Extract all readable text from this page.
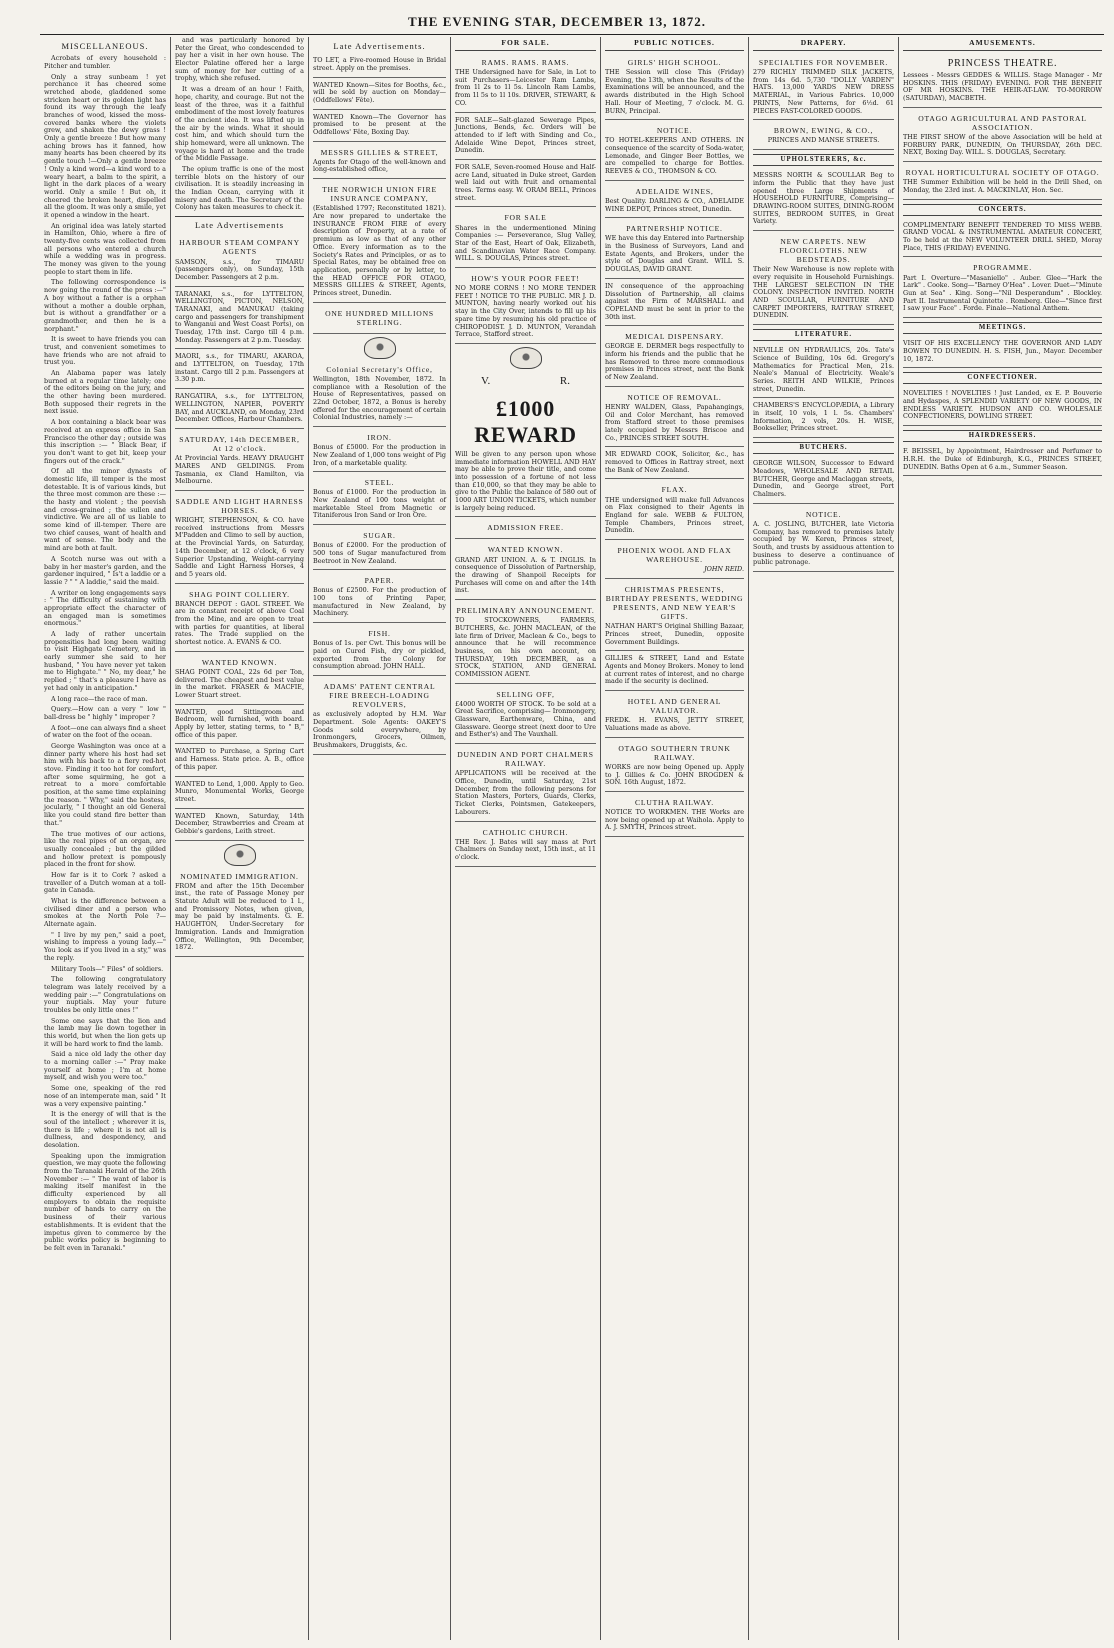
THE EVENING STAR, DECEMBER 13, 1872.
MISCELLANEOUS.

Acrobats of every household : Pitcher and tumbler.

Only a stray sunbeam ! yet perchance it has cheered some wretched abode, gladdened some stricken heart or its golden light has found its way through the leafy branches of wood, kissed the moss-covered banks where the violets grew, and shaken the dewy grass ! Only a gentle breeze ! But how many aching brows has it fanned, how many hearts has been cheered by its gentle touch !—Only a gentle breeze ! Only a kind word—a kind word to a weary heart, a balm to the spirit, a light in the dark places of a weary world. Only a smile ! But oh, it cheered the broken heart, dispelled all the gloom. It was only a smile, yet it opened a window in the heart.

An original idea was lately started in Hamilton, Ohio, where a fire of twenty-five cents was collected from all persons who entered a church while a wedding was in progress. The money was given to the young people to start them in life.

The following correspondence is now going the round of the press :—" A boy without a father is a orphan without a mother a double orphan, but is without a grandfather or a grandmother, and then he is a norphant."

It is sweet to have friends you can trust, and convenient sometimes to have friends who are not afraid to trust you.

An Alabama paper was lately burned at a regular time lately; one of the editors being on the jury, and the other having been murdered. Both supposed their regrets in the next issue.

A box containing a black bear was received at an express office in San Francisco the other day ; outside was this inscription :— " Black Bear, if you don't want to get bit, keep your fingers out of the crack."

Of all the minor dynasts of domestic life, ill temper is the most detestable. It is of various kinds, but the three most common are these :—the hasty and violent ; the peevish and cross-grained ; the sullen and vindictive. We are all of us liable to some kind of ill-temper. There are two chief causes, want of health and want of sense. The body and the mind are both at fault.

A Scotch nurse was out with a baby in her master's garden, and the gardener inquired, " Is't a laddie or a lassie ? " " A laddie," said the maid.

A writer on long engagements says : " The difficulty of sustaining with appropriate effect the character of an engaged man is sometimes enormous."

A lady of rather uncertain propensities had long been waiting to visit Highgate Cemetery, and in early summer she said to her husband, " You have never yet taken me to Highgate." " No, my dear," he replied ; " that's a pleasure I have as yet had only in anticipation."

A long race—the race of man.

Query.—How can a very " low " ball-dress be " highly " improper ?

A foot—one can always find a sheet of water on the foot of the ocean.

George Washington was once at a dinner party where his host had set him with his back to a fiery red-hot stove. Finding it too hot for comfort, after some squirming, he got a retreat to a more comfortable position, at the same time explaining the reason. " Why," said the hostess, jocularly, " I thought an old General like you could stand fire better than that."

The true motives of our actions, like the real pipes of an organ, are usually concealed ; but the gilded and hollow pretext is pompously placed in the front for show.

How far is it to Cork ? asked a traveller of a Dutch woman at a toll-gate in Canada.

What is the difference between a civilised diner and a person who smokes at the North Pole ?—Alternate again.

" I live by my pen," said a poet, wishing to impress a young lady.—" You look as if you lived in a sty," was the reply.

Military Tools—" Files" of soldiers.

The following congratulatory telegram was lately received by a wedding pair :—" Congratulations on your nuptials. May your future troubles be only little ones !"

Some one says that the lion and the lamb may lie down together in this world, but when the lion gets up it will be hard work to find the lamb.

Said a nice old lady the other day to a morning caller :—" Pray make yourself at home ; I'm at home myself, and wish you were too."

Some one, speaking of the red nose of an intemperate man, said " It was a very expensive painting."

It is the energy of will that is the soul of the intellect ; wherever it is, there is life ; where it is not all is dullness, and despondency, and desolation.

Speaking upon the immigration question, we may quote the following from the Taranaki Herald of the 26th November :— " The want of labor is making itself manifest in the difficulty experienced by all employers to obtain the requisite number of hands to carry on the business of their various establishments. It is evident that the impetus given to commerce by the public works policy is beginning to be felt even in Taranaki."

and was particularly honored by Peter the Great, who condescended to pay her a visit in her own house. The Elector Palatine offered her a large sum of money for her cutting of a trophy, which she refused.

It was a dream of an hour ! Faith, hope, charity, and courage. But not the least of the three, was it a faithful embodiment of the most lovely features of the ancient idea. It was lifted up in the air by the winds. What it should cost him, and which should turn the ship homeward, were all unknown. The voyage is hard at home and the trade of the Middle Passage.

The opium traffic is one of the most terrible blots on the history of our civilisation. It is steadily increasing in the Indian Ocean, carrying with it misery and death. The Secretary of the Colony has taken measures to check it.

Late Advertisements
HARBOUR STEAM COMPANY AGENTS
SAMSON, s.s., for TIMARU (passengers only), on Sunday, 15th December. Passengers at 2 p.m.
TARANAKI, s.s., for LYTTELTON, WELLINGTON, PICTON, NELSON, TARANAKI, and MANUKAU (taking cargo and passengers for transhipment to Wanganui and West Coast Ports), on Tuesday, 17th inst. Cargo till 4 p.m. Monday. Passengers at 2 p.m. Tuesday.
MAORI, s.s., for TIMARU, AKAROA, and LYTTELTON, on Tuesday, 17th instant. Cargo till 2 p.m. Passengers at 3.30 p.m.
RANGATIRA, s.s., for LYTTELTON, WELLINGTON, NAPIER, POVERTY BAY, and AUCKLAND, on Monday, 23rd December. Offices, Harbour Chambers.
SATURDAY, 14th DECEMBER, At 12 o'clock.
At Provincial Yards. HEAVY DRAUGHT MARES AND GELDINGS. From Tasmania, ex Cland Hamilton, via Melbourne.
SADDLE AND LIGHT HARNESS HORSES.
WRIGHT, STEPHENSON, & CO. have received instructions from Messrs M'Padden and Climo to sell by auction, at the Provincial Yards, on Saturday, 14th December, at 12 o'clock, 6 very Superior Upstanding, Weight-carrying Saddle and Light Harness Horses, 4 and 5 years old.
SHAG POINT COLLIERY.
BRANCH DEPOT : GAOL STREET. We are in constant receipt of above Coal from the Mine, and are open to treat with parties for quantities, at liberal rates. The Trade supplied on the shortest notice. A. EVANS & CO.
WANTED KNOWN.
SHAG POINT COAL, 22s 6d per Ton, delivered. The cheapest and best value in the market. FRASER & MACFIE, Lower Stuart street.
WANTED, good Sittingroom and Bedroom, well furnished, with board. Apply by letter, stating terms, to " B," office of this paper.
WANTED to Purchase, a Spring Cart and Harness. State price. A. B., office of this paper.
WANTED to Lend, 1,000. Apply to Geo. Munro, Monumental Works, George street.
WANTED Known, Saturday, 14th December, Strawberries and Cream at Gebbie's gardens, Leith street.
NOMINATED IMMIGRATION.
FROM and after the 15th December inst., the rate of Passage Money per Statute Adult will be reduced to 1 l., and Promissory Notes, when given, may be paid by instalments. G. E. HAUGHTON, Under-Secretary for Immigration. Lands and Immigration Office, Wellington, 9th December, 1872.
Late Advertisements.
TO LET, a Five-roomed House in Bridal street. Apply on the premises.
WANTED Known—Sites for Booths, &c., will be sold by auction on Monday—(Oddfellows' Fête).
WANTED Known—The Governor has promised to be present at the Oddfellows' Fête, Boxing Day.
MESSRS GILLIES & STREET,
Agents for Otago of the well-known and long-established office,
THE NORWICH UNION FIRE INSURANCE COMPANY,
(Established 1797; Reconstituted 1821). Are now prepared to undertake the INSURANCE FROM FIRE of every description of Property, at a rate of premium as low as that of any other Office. Every information as to the Society's Rates and Principles, or as to Special Rates, may be obtained free on application, personally or by letter, to the HEAD OFFICE FOR OTAGO, MESSRS GILLIES & STREET, Agents, Princes street, Dunedin.
ONE HUNDRED MILLIONS STERLING.
Colonial Secretary's Office,
Wellington, 18th November, 1872. In compliance with a Resolution of the House of Representatives, passed on 22nd October, 1872, a Bonus is hereby offered for the encouragement of certain Colonial Industries, namely :—
IRON.
Bonus of £5000. For the production in New Zealand of 1,000 tons weight of Pig Iron, of a marketable quality.
STEEL.
Bonus of £1000. For the production in New Zealand of 100 tons weight of marketable Steel from Magnetic or Titaniferous Iron Sand or Iron Ore.
SUGAR.
Bonus of £2000. For the production of 500 tons of Sugar manufactured from Beetroot in New Zealand.
PAPER.
Bonus of £2500. For the production of 100 tons of Printing Paper, manufactured in New Zealand, by Machinery.
FISH.
Bonus of 1s. per Cwt. This bonus will be paid on Cured Fish, dry or pickled, exported from the Colony for consumption abroad. JOHN HALL.
ADAMS' PATENT CENTRAL FIRE BREECH-LOADING REVOLVERS,
as exclusively adopted by H.M. War Department. Sole Agents: OAKEY'S Goods sold everywhere, by Ironmongers, Grocers, Oilmen, Brushmakers, Druggists, &c.
FOR SALE.
RAMS. RAMS. RAMS.
THE Undersigned have for Sale, in Lot to suit Purchasers—Leicester Ram Lambs, from 1l 2s to 1l 5s. Lincoln Ram Lambs, from 1l 5s to 1l 10s. DRIVER, STEWART, & CO.
FOR SALE—Salt-glazed Sewerage Pipes, Junctions, Bends, &c. Orders will be attended to if left with Sinding and Co., Adelaide Wine Depot, Princes street, Dunedin.
FOR SALE, Seven-roomed House and Half-acre Land, situated in Duke street, Garden well laid out with fruit and ornamental trees. Terms easy. W. ORAM BELL, Princes street.
FOR SALE
Shares in the undermentioned Mining Companies :— Perseverance, Slug Valley, Star of the East, Heart of Oak, Elizabeth, and Scandinavian Water Race Company. WILL. S. DOUGLAS, Princes street.
HOW'S YOUR POOR FEET!
NO MORE CORNS ! NO MORE TENDER FEET ! NOTICE TO THE PUBLIC. MR J. D. MUNTON, having nearly worked out his stay in the City Over, intends to fill up his spare time by resuming his old practice of CHIROPODIST. J. D. MUNTON, Verandah Terrace, Stafford street.
V.	R.
£1000 REWARD
Will be given to any person upon whose immediate information HOWELL AND HAY may be able to prove their title, and come into possession of a fortune of not less than £10,000, so that they may be able to give to the Public the balance of 580 out of 1000 ART UNION TICKETS, which number is largely being reduced.
ADMISSION FREE.
WANTED KNOWN.
GRAND ART UNION. A. & T. INGLIS. In consequence of Dissolution of Partnership, the drawing of Shanpoil Receipts for Purchases will come on and after the 14th inst.
PRELIMINARY ANNOUNCEMENT.
TO STOCKOWNERS, FARMERS, BUTCHERS, &c. JOHN MACLEAN, of the late firm of Driver, Maclean & Co., begs to announce that he will recommence business, on his own account, on THURSDAY, 19th DECEMBER, as a STOCK, STATION, AND GENERAL COMMISSION AGENT.
SELLING OFF,
£4000 WORTH OF STOCK. To be sold at a Great Sacrifice, comprising— Ironmongery, Glassware, Earthenware, China, and Glassware. George street (next door to Ure and Esther's) and The Vauxhall.
DUNEDIN AND PORT CHALMERS RAILWAY.
APPLICATIONS will be received at the Office, Dunedin, until Saturday, 21st December, from the following persons for Station Masters, Porters, Guards, Clerks, Ticket Clerks, Pointsmen, Gatekeepers, Labourers.
CATHOLIC CHURCH.
THE Rev. J. Bates will say mass at Port Chalmers on Sunday next, 15th inst., at 11 o'clock.
PUBLIC NOTICES.
GIRLS' HIGH SCHOOL.
THE Session will close This (Friday) Evening, the 13th, when the Results of the Examinations will be announced, and the awards distributed in the High School Hall. Hour of Meeting, 7 o'clock. M. G. BURN, Principal.
NOTICE.
TO HOTEL-KEEPERS AND OTHERS. IN consequence of the scarcity of Soda-water, Lemonade, and Ginger Beer Bottles, we are compelled to charge for Bottles. REEVES & CO., THOMSON & CO.
ADELAIDE WINES,
Best Quality. DARLING & CO., ADELAIDE WINE DEPOT, Princes street, Dunedin.
PARTNERSHIP NOTICE.
WE have this day Entered into Partnership in the Business of Surveyors, Land and Estate Agents, and Brokers, under the style of Douglas and Grant. WILL S. DOUGLAS, DAVID GRANT.
IN consequence of the approaching Dissolution of Partnership, all claims against the Firm of MARSHALL and COPELAND must be sent in prior to the 30th inst.
MEDICAL DISPENSARY.
GEORGE E. DERMER begs respectfully to inform his friends and the public that he has Removed to three more commodious premises in Princes street, next the Bank of New Zealand.
NOTICE OF REMOVAL.
HENRY WALDEN, Glass, Papahangings, Oil and Color Merchant, has removed from Stafford street to those premises lately occupied by Messrs Briscoe and Co., PRINCES STREET SOUTH.
MR EDWARD COOK, Solicitor, &c., has removed to Offices in Rattray street, next the Bank of New Zealand.
FLAX.
THE undersigned will make full Advances on Flax consigned to their Agents in England for sale. WEBB & FULTON, Temple Chambers, Princes street, Dunedin.
PHOENIX WOOL AND FLAX WAREHOUSE.
JOHN REID.
CHRISTMAS PRESENTS, BIRTHDAY PRESENTS, WEDDING PRESENTS, AND NEW YEAR'S GIFTS.
NATHAN HART'S Original Shilling Bazaar, Princes street, Dunedin, opposite Government Buildings.
GILLIES & STREET, Land and Estate Agents and Money Brokers. Money to lend at current rates of interest, and no charge made if the security is declined.
HOTEL AND GENERAL VALUATOR.
FREDK. H. EVANS, JETTY STREET, Valuations made as above.
OTAGO SOUTHERN TRUNK RAILWAY.
WORKS are now being Opened up. Apply to J. Gillies & Co. JOHN BROGDEN & SON. 16th August, 1872.
CLUTHA RAILWAY.
NOTICE TO WORKMEN. THE Works are now being opened up at Waihola. Apply to A. J. SMYTH, Princes street.
DRAPERY.
SPECIALTIES FOR NOVEMBER.
279 RICHLY TRIMMED SILK JACKETS, from 14s 6d. 5,730 "DOLLY VARDEN" HATS. 13,000 YARDS NEW DRESS MATERIAL, in Various Fabrics. 10,000 PRINTS, New Patterns, for 6½d. 61 PIECES FAST-COLORED GOODS.
BROWN, EWING, & CO.,
PRINCES AND MANSE STREETS.
UPHOLSTERERS, &c.
MESSRS NORTH & SCOULLAR Beg to inform the Public that they have just opened three Large Shipments of HOUSEHOLD FURNITURE, Comprising— DRAWING-ROOM SUITES, DINING-ROOM SUITES, BEDROOM SUITES, in Great Variety.
NEW CARPETS. NEW FLOORCLOTHS. NEW BEDSTEADS.
Their New Warehouse is now replete with every requisite in Household Furnishings. THE LARGEST SELECTION IN THE COLONY. INSPECTION INVITED. NORTH AND SCOULLAR, FURNITURE AND CARPET IMPORTERS, RATTRAY STREET, DUNEDIN.
LITERATURE.
NEVILLE ON HYDRAULICS, 20s. Tate's Science of Building, 10s 6d. Gregory's Mathematics for Practical Men, 21s. Neale's Manual of Electricity. Weale's Series. REITH AND WILKIE, Princes street, Dunedin.
CHAMBERS'S ENCYCLOPÆDIA, a Library in itself, 10 vols, 1 l. 5s. Chambers' Information, 2 vols, 20s. H. WISE, Bookseller, Princes street.
BUTCHERS.
GEORGE WILSON, Successor to Edward Meadows, WHOLESALE AND RETAIL BUTCHER, George and Maclaggan streets, Dunedin, and George street, Port Chalmers.
NOTICE.
A. C. JOSLING, BUTCHER, late Victoria Company, has removed to premises lately occupied by W. Keren, Princes street, South, and trusts by assiduous attention to business to deserve a continuance of public patronage.
AMUSEMENTS.
PRINCESS THEATRE.
Lessees - Messrs GEDDES & WILLIS. Stage Manager - Mr HOSKINS. THIS (FRIDAY) EVENING. FOR THE BENEFIT OF MR HOSKINS. THE HEIR-AT-LAW. TO-MORROW (SATURDAY), MACBETH.
OTAGO AGRICULTURAL AND PASTORAL ASSOCIATION.
THE FIRST SHOW of the above Association will be held at FORBURY PARK, DUNEDIN, On THURSDAY, 26th DEC. NEXT, Boxing Day. WILL. S. DOUGLAS, Secretary.
ROYAL HORTICULTURAL SOCIETY OF OTAGO.
THE Summer Exhibition will be held in the Drill Shed, on Monday, the 23rd inst. A. MACKINLAY, Hon. Sec.
CONCERTS.
COMPLIMENTARY BENEFIT TENDERED TO MISS WEBB. GRAND VOCAL & INSTRUMENTAL AMATEUR CONCERT, To be held at the NEW VOLUNTEER DRILL SHED, Moray Place, THIS (FRIDAY) EVENING.
PROGRAMME.
Part I. Overture—"Masaniello" . Auber. Glee—"Hark the Lark" . Cooke. Song—"Barney O'Hea" . Lover. Duet—"Minute Gun at Sea" . King. Song—"Nil Desperandum" . Blockley. Part II. Instrumental Quintette . Romberg. Glee—"Since first I saw your Face" . Forde. Finale—National Anthem.
MEETINGS.
VISIT OF HIS EXCELLENCY THE GOVERNOR AND LADY BOWEN TO DUNEDIN. H. S. FISH, Jun., Mayor. December 10, 1872.
CONFECTIONER.
NOVELTIES ! NOVELTIES ! Just Landed, ex E. P. Bouverie and Hydaspes, A SPLENDID VARIETY OF NEW GOODS, IN ENDLESS VARIETY. HUDSON AND CO. WHOLESALE CONFECTIONERS, DOWLING STREET.
HAIRDRESSERS.
F. BEISSEL, by Appointment, Hairdresser and Perfumer to H.R.H. the Duke of Edinburgh, K.G., PRINCES STREET, DUNEDIN. Baths Open at 6 a.m., Summer Season.
